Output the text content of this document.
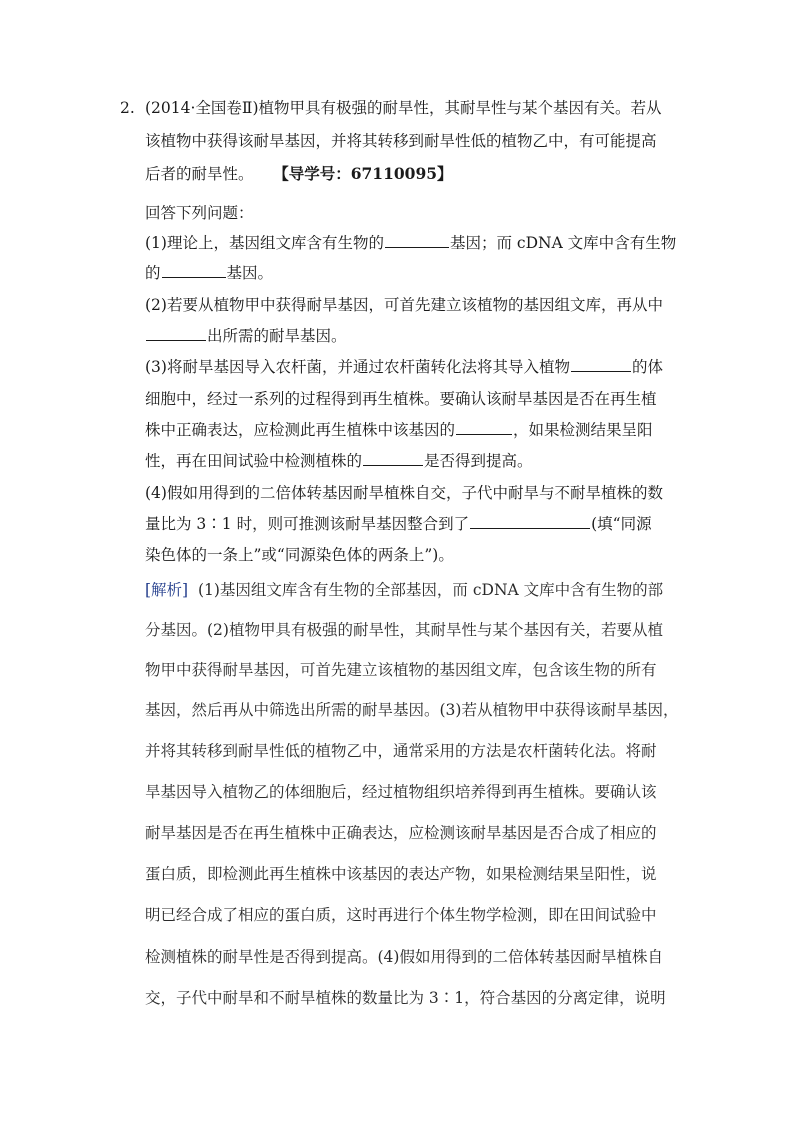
2. (2014·全国卷Ⅱ)植物甲具有极强的耐旱性，其耐旱性与某个基因有关。若从
该植物中获得该耐旱基因，并将其转移到耐旱性低的植物乙中，有可能提高
后者的耐旱性。 【导学号：67110095】
回答下列问题：
(1)理论上，基因组文库含有生物的	基因；而 cDNA 文库中含有生物
的	基因。
(2)若要从植物甲中获得耐旱基因，可首先建立该植物的基因组文库，再从中
出所需的耐旱基因。
(3)将耐旱基因导入农杆菌，并通过农杆菌转化法将其导入植物	的体
细胞中，经过一系列的过程得到再生植株。要确认该耐旱基因是否在再生植
株中正确表达，应检测此再生植株中该基因的	，如果检测结果呈阳
性，再在田间试验中检测植株的	是否得到提高。
(4)假如用得到的二倍体转基因耐旱植株自交，子代中耐旱与不耐旱植株的数
量比为 3∶1 时，则可推测该耐旱基因整合到了	(填“同源
染色体的一条上”或“同源染色体的两条上”)。
[解析] (1)基因组文库含有生物的全部基因，而 cDNA 文库中含有生物的部
分基因。(2)植物甲具有极强的耐旱性，其耐旱性与某个基因有关，若要从植
物甲中获得耐旱基因，可首先建立该植物的基因组文库，包含该生物的所有
基因，然后再从中筛选出所需的耐旱基因。(3)若从植物甲中获得该耐旱基因，
并将其转移到耐旱性低的植物乙中，通常采用的方法是农杆菌转化法。将耐
旱基因导入植物乙的体细胞后，经过植物组织培养得到再生植株。要确认该
耐旱基因是否在再生植株中正确表达，应检测该耐旱基因是否合成了相应的
蛋白质，即检测此再生植株中该基因的表达产物，如果检测结果呈阳性，说
明已经合成了相应的蛋白质，这时再进行个体生物学检测，即在田间试验中
检测植株的耐旱性是否得到提高。(4)假如用得到的二倍体转基因耐旱植株自
交，子代中耐旱和不耐旱植株的数量比为 3∶1，符合基因的分离定律，说明
